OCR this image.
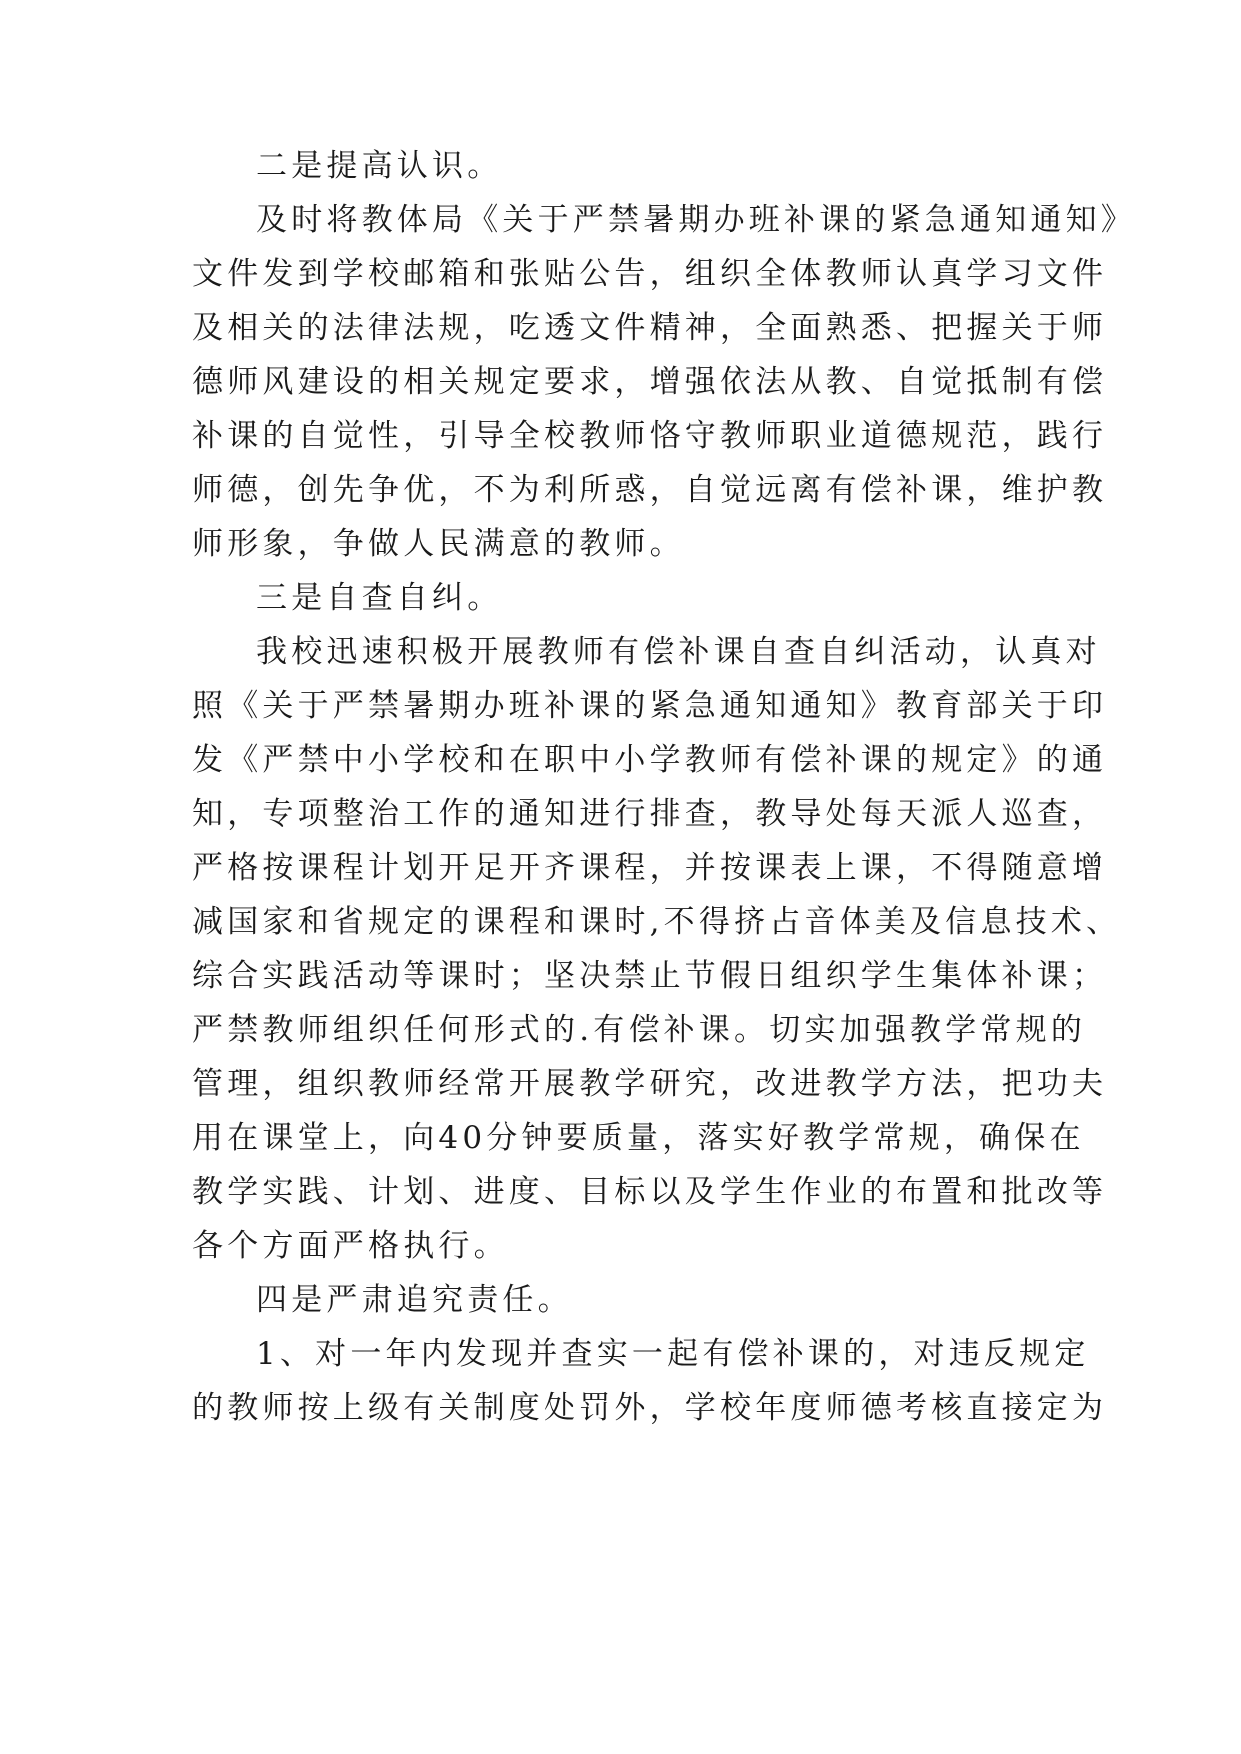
二是提高认识。
及时将教体局《关于严禁暑期办班补课的紧急通知通知》
文件发到学校邮箱和张贴公告，组织全体教师认真学习文件
及相关的法律法规，吃透文件精神，全面熟悉、把握关于师
德师风建设的相关规定要求，增强依法从教、自觉抵制有偿
补课的自觉性，引导全校教师恪守教师职业道德规范，践行
师德，创先争优，不为利所惑，自觉远离有偿补课，维护教
师形象，争做人民满意的教师。
三是自查自纠。
我校迅速积极开展教师有偿补课自查自纠活动，认真对
照《关于严禁暑期办班补课的紧急通知通知》教育部关于印
发《严禁中小学校和在职中小学教师有偿补课的规定》的通
知，专项整治工作的通知进行排查，教导处每天派人巡查，
严格按课程计划开足开齐课程，并按课表上课，不得随意增
减国家和省规定的课程和课时,不得挤占音体美及信息技术、
综合实践活动等课时；坚决禁止节假日组织学生集体补课；
严禁教师组织任何形式的.有偿补课。切实加强教学常规的
管理，组织教师经常开展教学研究，改进教学方法，把功夫
用在课堂上，向40分钟要质量，落实好教学常规，确保在
教学实践、计划、进度、目标以及学生作业的布置和批改等
各个方面严格执行。
四是严肃追究责任。
1、对一年内发现并查实一起有偿补课的，对违反规定
的教师按上级有关制度处罚外，学校年度师德考核直接定为
